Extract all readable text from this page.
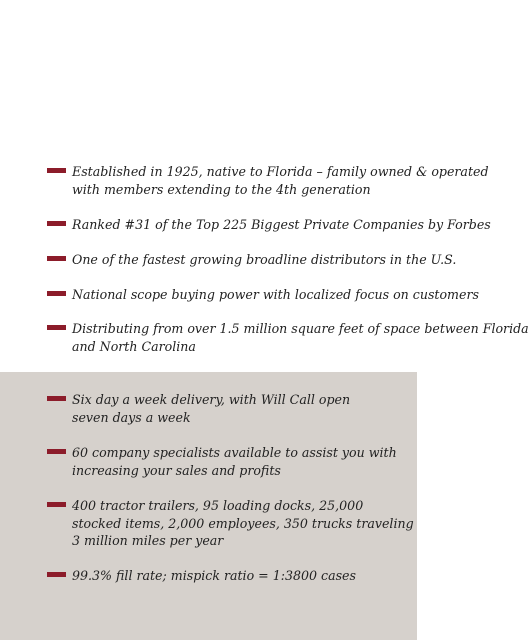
Established in 1925, native to Florida – family owned & operated
with members extending to the 4th generation
Ranked #31 of the Top 225 Biggest Private Companies by Forbes
One of the fastest growing broadline distributors in the U.S.
National scope buying power with localized focus on customers
Distributing from over 1.5 million square feet of space between Florida
and North Carolina
Six day a week delivery, with Will Call open
seven days a week
60 company specialists available to assist you with
increasing your sales and profits
400 tractor trailers, 95 loading docks, 25,000
stocked items, 2,000 employees, 350 trucks traveling
3 million miles per year
99.3% fill rate; mispick ratio = 1:3800 cases
